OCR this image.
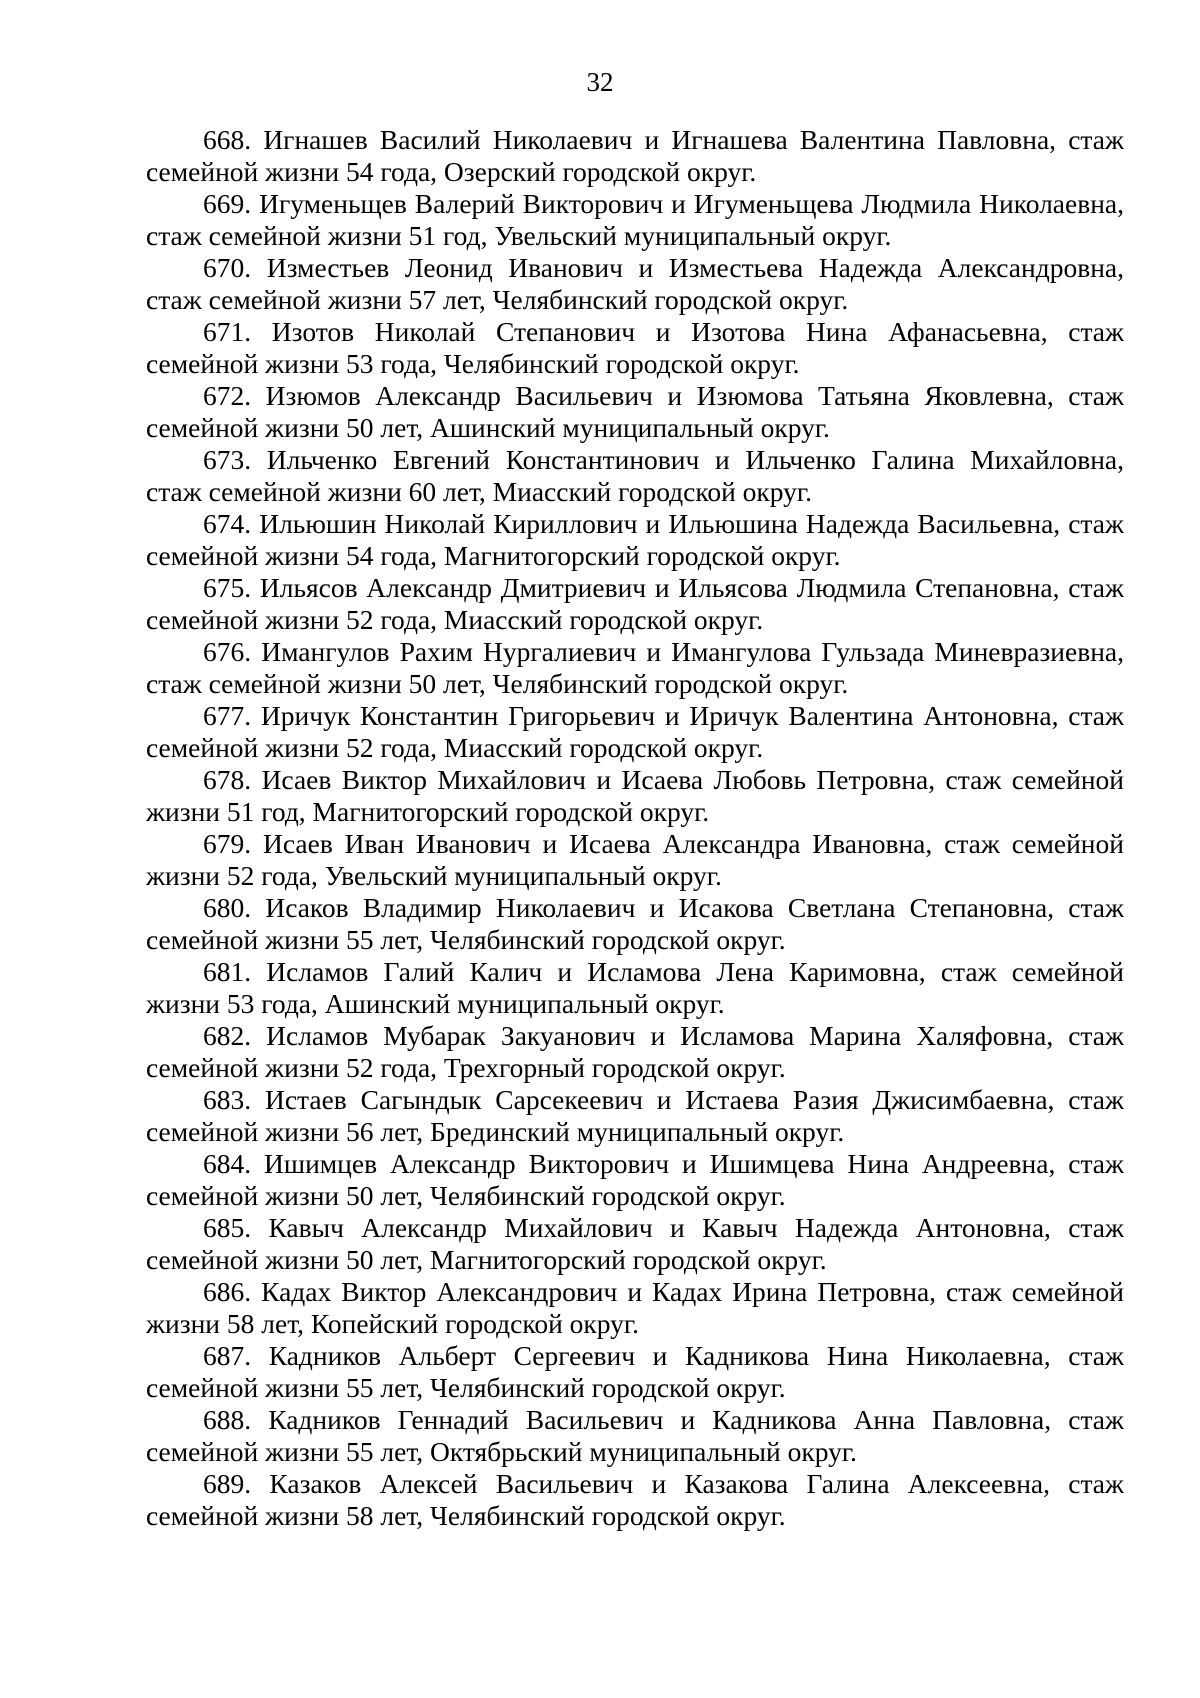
32

668. Игнашев Василий Николаевич и Игнашева Валентина Павловна, стаж семейной жизни 54 года, Озерский городской округ.

669. Игуменьщев Валерий Викторович и Игуменьщева Людмила Николаевна, стаж семейной жизни 51 год, Увельский муниципальный округ.

670. Изместьев Леонид Иванович и Изместьева Надежда Александровна, стаж семейной жизни 57 лет, Челябинский городской округ.

671. Изотов Николай Степанович и Изотова Нина Афанасьевна, стаж семейной жизни 53 года, Челябинский городской округ.

672. Изюмов Александр Васильевич и Изюмова Татьяна Яковлевна, стаж семейной жизни 50 лет, Ашинский муниципальный округ.

673. Ильченко Евгений Константинович и Ильченко Галина Михайловна, стаж семейной жизни 60 лет, Миасский городской округ.

674. Ильюшин Николай Кириллович и Ильюшина Надежда Васильевна, стаж семейной жизни 54 года, Магнитогорский городской округ.

675. Ильясов Александр Дмитриевич и Ильясова Людмила Степановна, стаж семейной жизни 52 года, Миасский городской округ.

676. Имангулов Рахим Нургалиевич и Имангулова Гульзада Миневразиевна, стаж семейной жизни 50 лет, Челябинский городской округ.

677. Иричук Константин Григорьевич и Иричук Валентина Антоновна, стаж семейной жизни 52 года, Миасский городской округ.

678. Исаев Виктор Михайлович и Исаева Любовь Петровна, стаж семейной жизни 51 год, Магнитогорский городской округ.

679. Исаев Иван Иванович и Исаева Александра Ивановна, стаж семейной жизни 52 года, Увельский муниципальный округ.

680. Исаков Владимир Николаевич и Исакова Светлана Степановна, стаж семейной жизни 55 лет, Челябинский городской округ.

681. Исламов Галий Калич и Исламова Лена Каримовна, стаж семейной жизни 53 года, Ашинский муниципальный округ.

682. Исламов Мубарак Закуанович и Исламова Марина Халяфовна, стаж семейной жизни 52 года, Трехгорный городской округ.

683. Истаев Сагындык Сарсекеевич и Истаева Разия Джисимбаевна, стаж семейной жизни 56 лет, Брединский муниципальный округ.

684. Ишимцев Александр Викторович и Ишимцева Нина Андреевна, стаж семейной жизни 50 лет, Челябинский городской округ.

685. Кавыч Александр Михайлович и Кавыч Надежда Антоновна, стаж семейной жизни 50 лет, Магнитогорский городской округ.

686. Кадах Виктор Александрович и Кадах Ирина Петровна, стаж семейной жизни 58 лет, Копейский городской округ.

687. Кадников Альберт Сергеевич и Кадникова Нина Николаевна, стаж семейной жизни 55 лет, Челябинский городской округ.

688. Кадников Геннадий Васильевич и Кадникова Анна Павловна, стаж семейной жизни 55 лет, Октябрьский муниципальный округ.

689. Казаков Алексей Васильевич и Казакова Галина Алексеевна, стаж семейной жизни 58 лет, Челябинский городской округ.
